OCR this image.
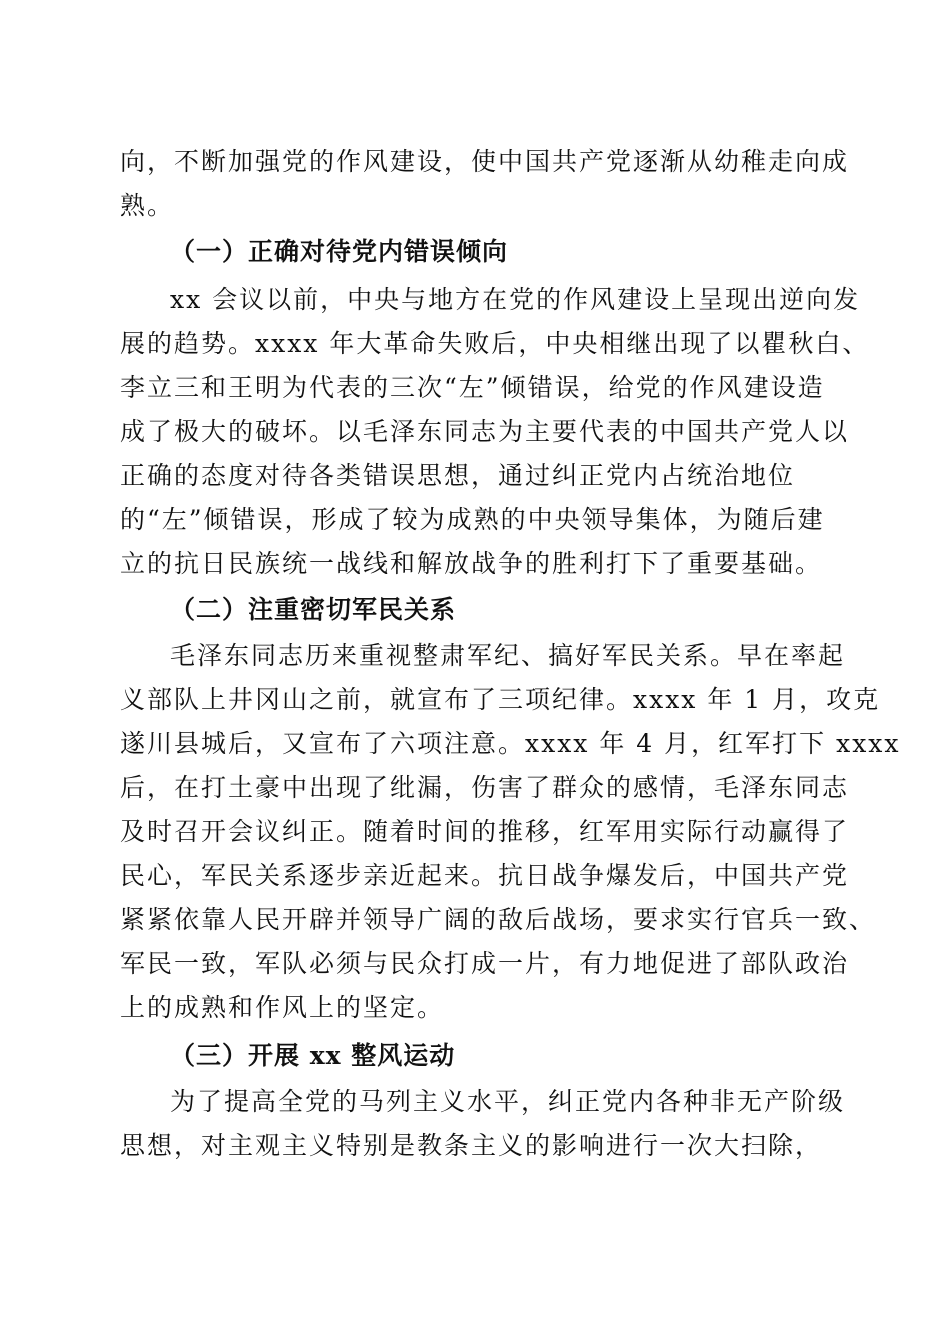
向，不断加强党的作风建设，使中国共产党逐渐从幼稚走向成
熟。
（一）正确对待党内错误倾向
xx 会议以前，中央与地方在党的作风建设上呈现出逆向发
展的趋势。xxxx 年大革命失败后，中央相继出现了以瞿秋白、
李立三和王明为代表的三次“左”倾错误，给党的作风建设造
成了极大的破坏。以毛泽东同志为主要代表的中国共产党人以
正确的态度对待各类错误思想，通过纠正党内占统治地位
的“左”倾错误，形成了较为成熟的中央领导集体，为随后建
立的抗日民族统一战线和解放战争的胜利打下了重要基础。
（二）注重密切军民关系
毛泽东同志历来重视整肃军纪、搞好军民关系。早在率起
义部队上井冈山之前，就宣布了三项纪律。xxxx 年 1 月，攻克
遂川县城后，又宣布了六项注意。xxxx 年 4 月，红军打下 xxxx
后，在打土豪中出现了纰漏，伤害了群众的感情，毛泽东同志
及时召开会议纠正。随着时间的推移，红军用实际行动赢得了
民心，军民关系逐步亲近起来。抗日战争爆发后，中国共产党
紧紧依靠人民开辟并领导广阔的敌后战场，要求实行官兵一致、
军民一致，军队必须与民众打成一片，有力地促进了部队政治
上的成熟和作风上的坚定。
（三）开展 xx 整风运动
为了提高全党的马列主义水平，纠正党内各种非无产阶级
思想，对主观主义特别是教条主义的影响进行一次大扫除，
